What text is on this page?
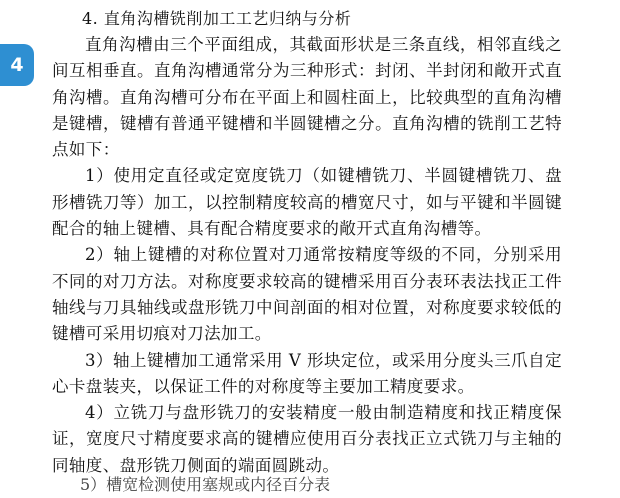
4

4. 直角沟槽铣削加工工艺归纳与分析

直角沟槽由三个平面组成，其截面形状是三条直线，相邻直线之间互相垂直。直角沟槽通常分为三种形式：封闭、半封闭和敞开式直角沟槽。直角沟槽可分布在平面上和圆柱面上，比较典型的直角沟槽是键槽，键槽有普通平键槽和半圆键槽之分。直角沟槽的铣削工艺特点如下：

1）使用定直径或定宽度铣刀（如键槽铣刀、半圆键槽铣刀、盘形槽铣刀等）加工，以控制精度较高的槽宽尺寸，如与平键和半圆键配合的轴上键槽、具有配合精度要求的敞开式直角沟槽等。

2）轴上键槽的对称位置对刀通常按精度等级的不同，分别采用不同的对刀方法。对称度要求较高的键槽采用百分表环表法找正工件轴线与刀具轴线或盘形铣刀中间剖面的相对位置，对称度要求较低的键槽可采用切痕对刀法加工。

3）轴上键槽加工通常采用 V 形块定位，或采用分度头三爪自定心卡盘装夹，以保证工件的对称度等主要加工精度要求。

4）立铣刀与盘形铣刀的安装精度一般由制造精度和找正精度保证，宽度尺寸精度要求高的键槽应使用百分表找正立式铣刀与主轴的同轴度、盘形铣刀侧面的端面圆跳动。

5）槽宽检测使用塞规或内径百分表
